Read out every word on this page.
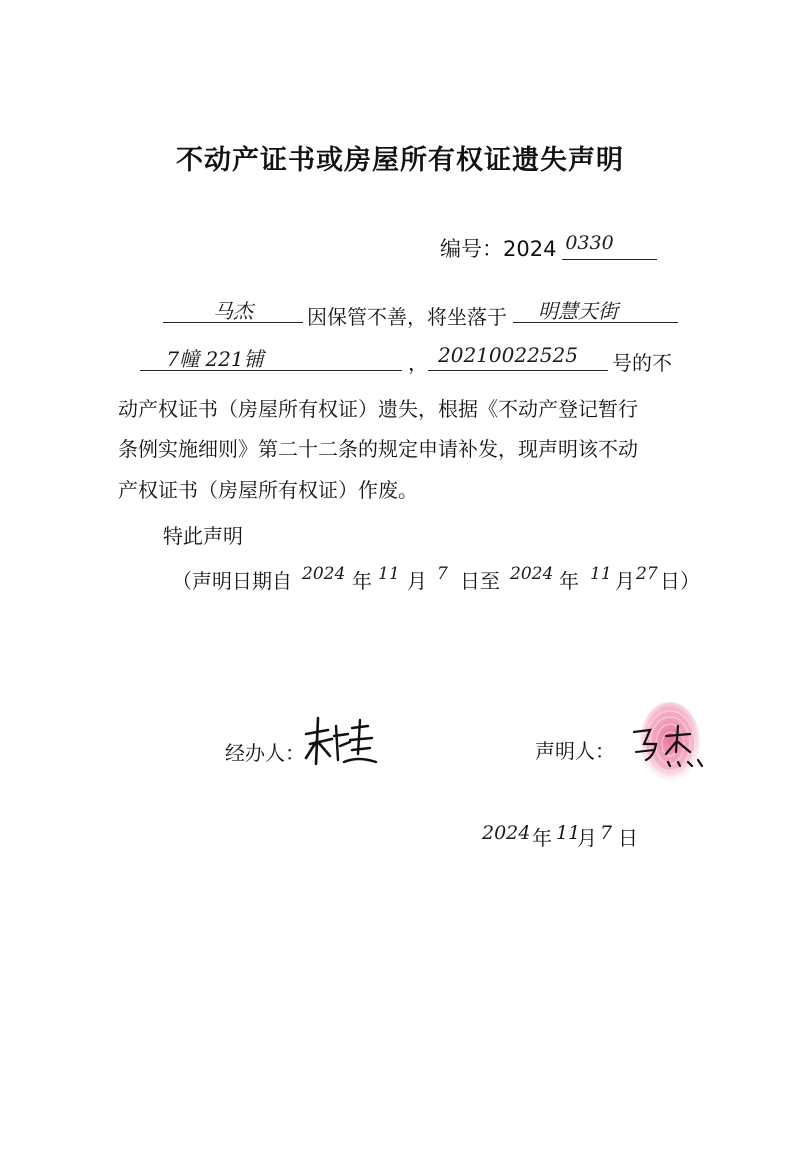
不动产证书或房屋所有权证遗失声明
编号：2024 0330
马杰	因保管不善，将坐落于	明慧天街
7幢 221铺	， 20210022525	号的不
动产权证书（房屋所有权证）遗失，根据《不动产登记暂行
条例实施细则》第二十二条的规定申请补发，现声明该不动
产权证书（房屋所有权证）作废。
特此声明
（声明日期自 2024 年 11 月 7 日至 2024 年 11 月 27 日）
经办人：	声明人：
2024 年 11
月 7 日
